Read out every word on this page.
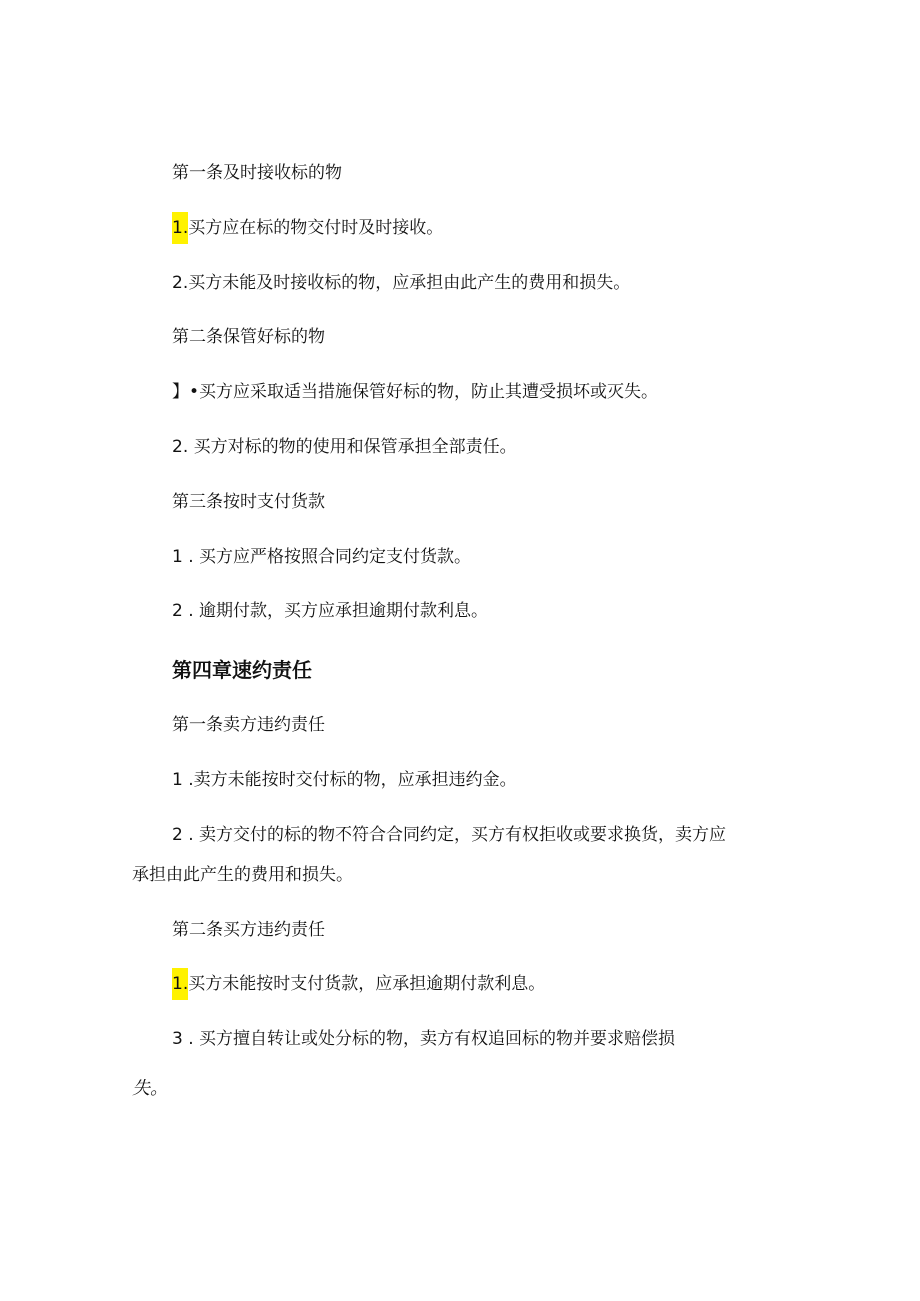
第一条及时接收标的物
1.买方应在标的物交付时及时接收。
2.买方未能及时接收标的物，应承担由此产生的费用和损失。
第二条保管好标的物
】•买方应采取适当措施保管好标的物，防止其遭受损坏或灭失。
2. 买方对标的物的使用和保管承担全部责任。
第三条按时支付货款
1 . 买方应严格按照合同约定支付货款。
2 . 逾期付款，买方应承担逾期付款利息。
第四章速约责任
第一条卖方违约责任
1 .卖方未能按时交付标的物，应承担违约金。
2 . 卖方交付的标的物不符合合同约定，买方有权拒收或要求换货，卖方应
承担由此产生的费用和损失。
第二条买方违约责任
1.买方未能按时支付货款，应承担逾期付款利息。
3 . 买方擅自转让或处分标的物，卖方有权追回标的物并要求赔偿损
失。
